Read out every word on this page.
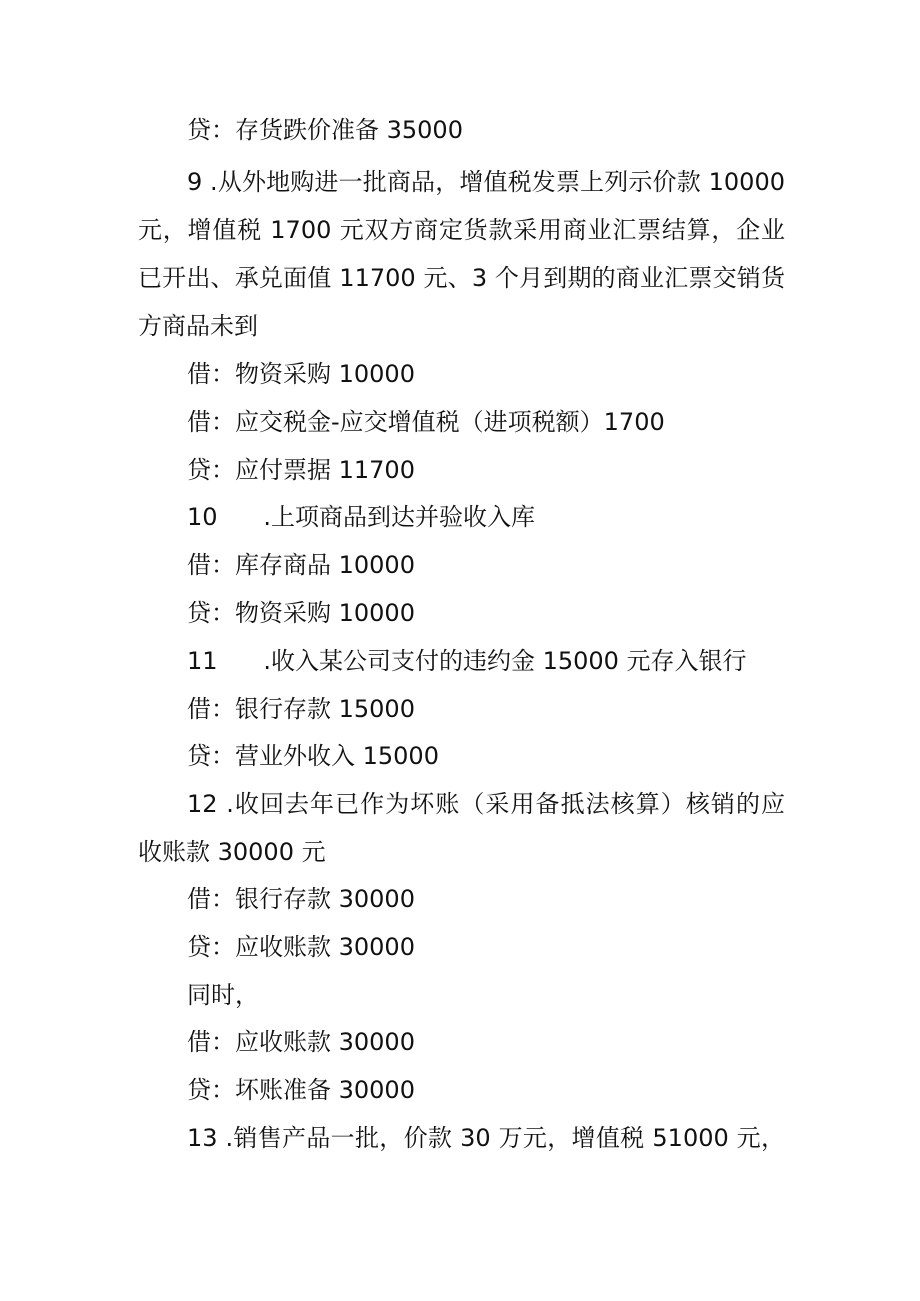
贷：存货跌价准备 35000
9 .从外地购进一批商品，增值税发票上列示价款 10000
元，增值税 1700 元双方商定货款采用商业汇票结算，企业
已开出、承兑面值 11700 元、3 个月到期的商业汇票交销货
方商品未到
借：物资采购 10000
借：应交税金-应交增值税（进项税额）1700
贷：应付票据 11700
10      .上项商品到达并验收入库
借：库存商品 10000
贷：物资采购 10000
11      .收入某公司支付的违约金 15000 元存入银行
借：银行存款 15000
贷：营业外收入 15000
12 .收回去年已作为坏账（采用备抵法核算）核销的应
收账款 30000 元
借：银行存款 30000
贷：应收账款 30000
同时，
借：应收账款 30000
贷：坏账准备 30000
13 .销售产品一批，价款 30 万元，增值税 51000 元，
